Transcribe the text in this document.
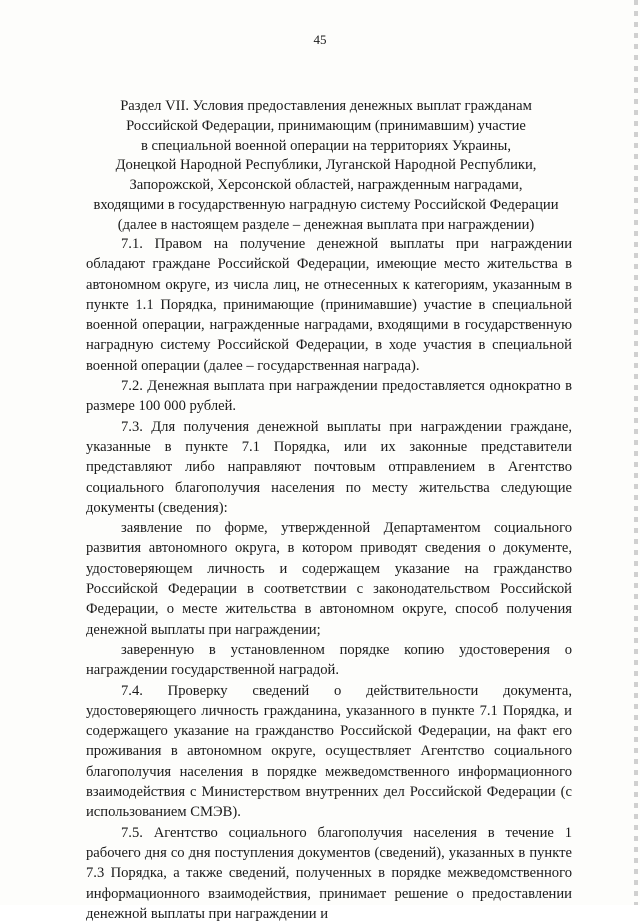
45
Раздел VII. Условия предоставления денежных выплат гражданам
Российской Федерации, принимающим (принимавшим) участие
в специальной военной операции на территориях Украины,
Донецкой Народной Республики, Луганской Народной Республики,
Запорожской, Херсонской областей, награжденным наградами,
входящими в государственную наградную систему Российской Федерации
(далее в настоящем разделе – денежная выплата при награждении)

7.1. Правом на получение денежной выплаты при награждении обладают граждане Российской Федерации, имеющие место жительства в автономном округе, из числа лиц, не отнесенных к категориям, указанным в пункте 1.1 Порядка, принимающие (принимавшие) участие в специальной военной операции, награжденные наградами, входящими в государственную наградную систему Российской Федерации, в ходе участия в специальной военной операции (далее – государственная награда).

7.2. Денежная выплата при награждении предоставляется однократно в размере 100 000 рублей.

7.3. Для получения денежной выплаты при награждении граждане, указанные в пункте 7.1 Порядка, или их законные представители представляют либо направляют почтовым отправлением в Агентство социального благополучия населения по месту жительства следующие документы (сведения):

заявление по форме, утвержденной Департаментом социального развития автономного округа, в котором приводят сведения о документе, удостоверяющем личность и содержащем указание на гражданство Российской Федерации в соответствии с законодательством Российской Федерации, о месте жительства в автономном округе, способ получения денежной выплаты при награждении;

заверенную в установленном порядке копию удостоверения о награждении государственной наградой.

7.4. Проверку сведений о действительности документа, удостоверяющего личность гражданина, указанного в пункте 7.1 Порядка, и содержащего указание на гражданство Российской Федерации, на факт его проживания в автономном округе, осуществляет Агентство социального благополучия населения в порядке межведомственного информационного взаимодействия с Министерством внутренних дел Российской Федерации (с использованием СМЭВ).

7.5. Агентство социального благополучия населения в течение 1 рабочего дня со дня поступления документов (сведений), указанных в пункте 7.3 Порядка, а также сведений, полученных в порядке межведомственного информационного взаимодействия, принимает решение о предоставлении денежной выплаты при награждении и
